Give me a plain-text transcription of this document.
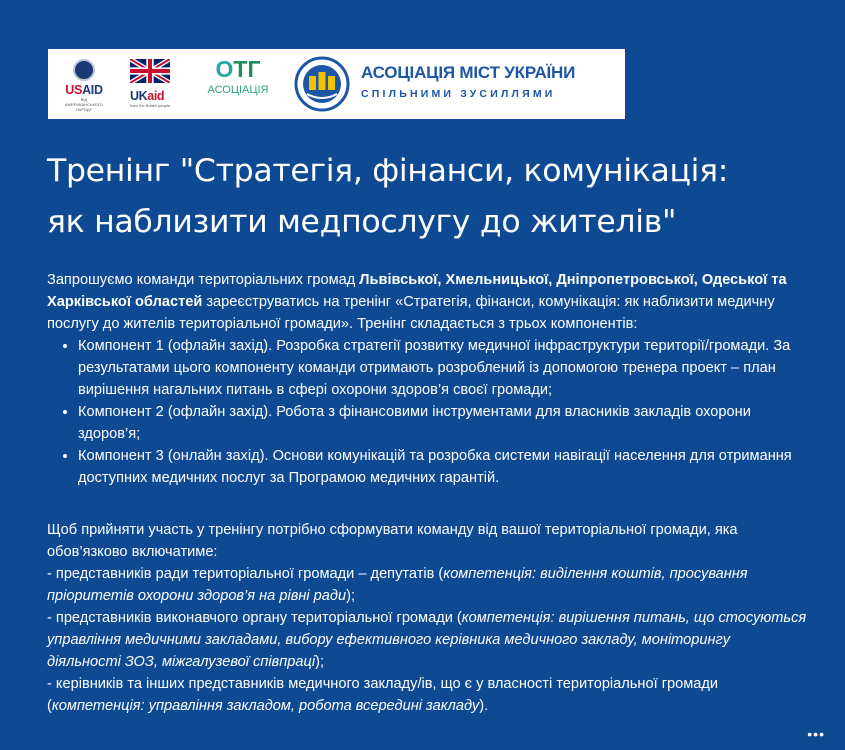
USAID
ВІД АМЕРИКАНСЬКОГО НАРОДУ
UKaid
from the British people
ОТГ
АСОЦІАЦІЯ
АСОЦІАЦІЯ МІСТ УКРАЇНИ
СПІЛЬНИМИ ЗУСИЛЛЯМИ
Тренінг "Стратегія, фінанси, комунікація:
як наблизити медпослугу до жителів"

Запрошуємо команди територіальних громад Львівської, Хмельницької, Дніпропетровської, Одеської та Харківської областей зареєструватись на тренінг «Стратегія, фінанси, комунікація: як наблизити медичну послугу до жителів територіальної громади». Тренінг складається з трьох компонентів:

• Компонент 1 (офлайн захід). Розробка стратегії розвитку медичної інфраструктури території/громади. За результатами цього компоненту команди отримають розроблений із допомогою тренера проект – план вирішення нагальних питань в сфері охорони здоров’я своєї громади;
• Компонент 2 (офлайн захід). Робота з фінансовими інструментами для власників закладів охорони здоров’я;
• Компонент 3 (онлайн захід). Основи комунікацій та розробка системи навігації населення для отримання доступних медичних послуг за Програмою медичних гарантій.

Щоб прийняти участь у тренінгу потрібно сформувати команду від вашої територіальної громади, яка обов’язково включатиме:

- представників ради територіальної громади – депутатів (компетенція: виділення коштів, просування пріоритетів охорони здоров’я на рівні ради);

- представників виконавчого органу територіальної громади (компетенція: вирішення питань, що стосуються управління медичними закладами, вибору ефективного керівника медичного закладу, моніторингу діяльності ЗОЗ, міжгалузевої співпраці);

- керівників та інших представників медичного закладу/ів, що є у власності територіальної громади (компетенція: управління закладом, робота всередині закладу).

•••
